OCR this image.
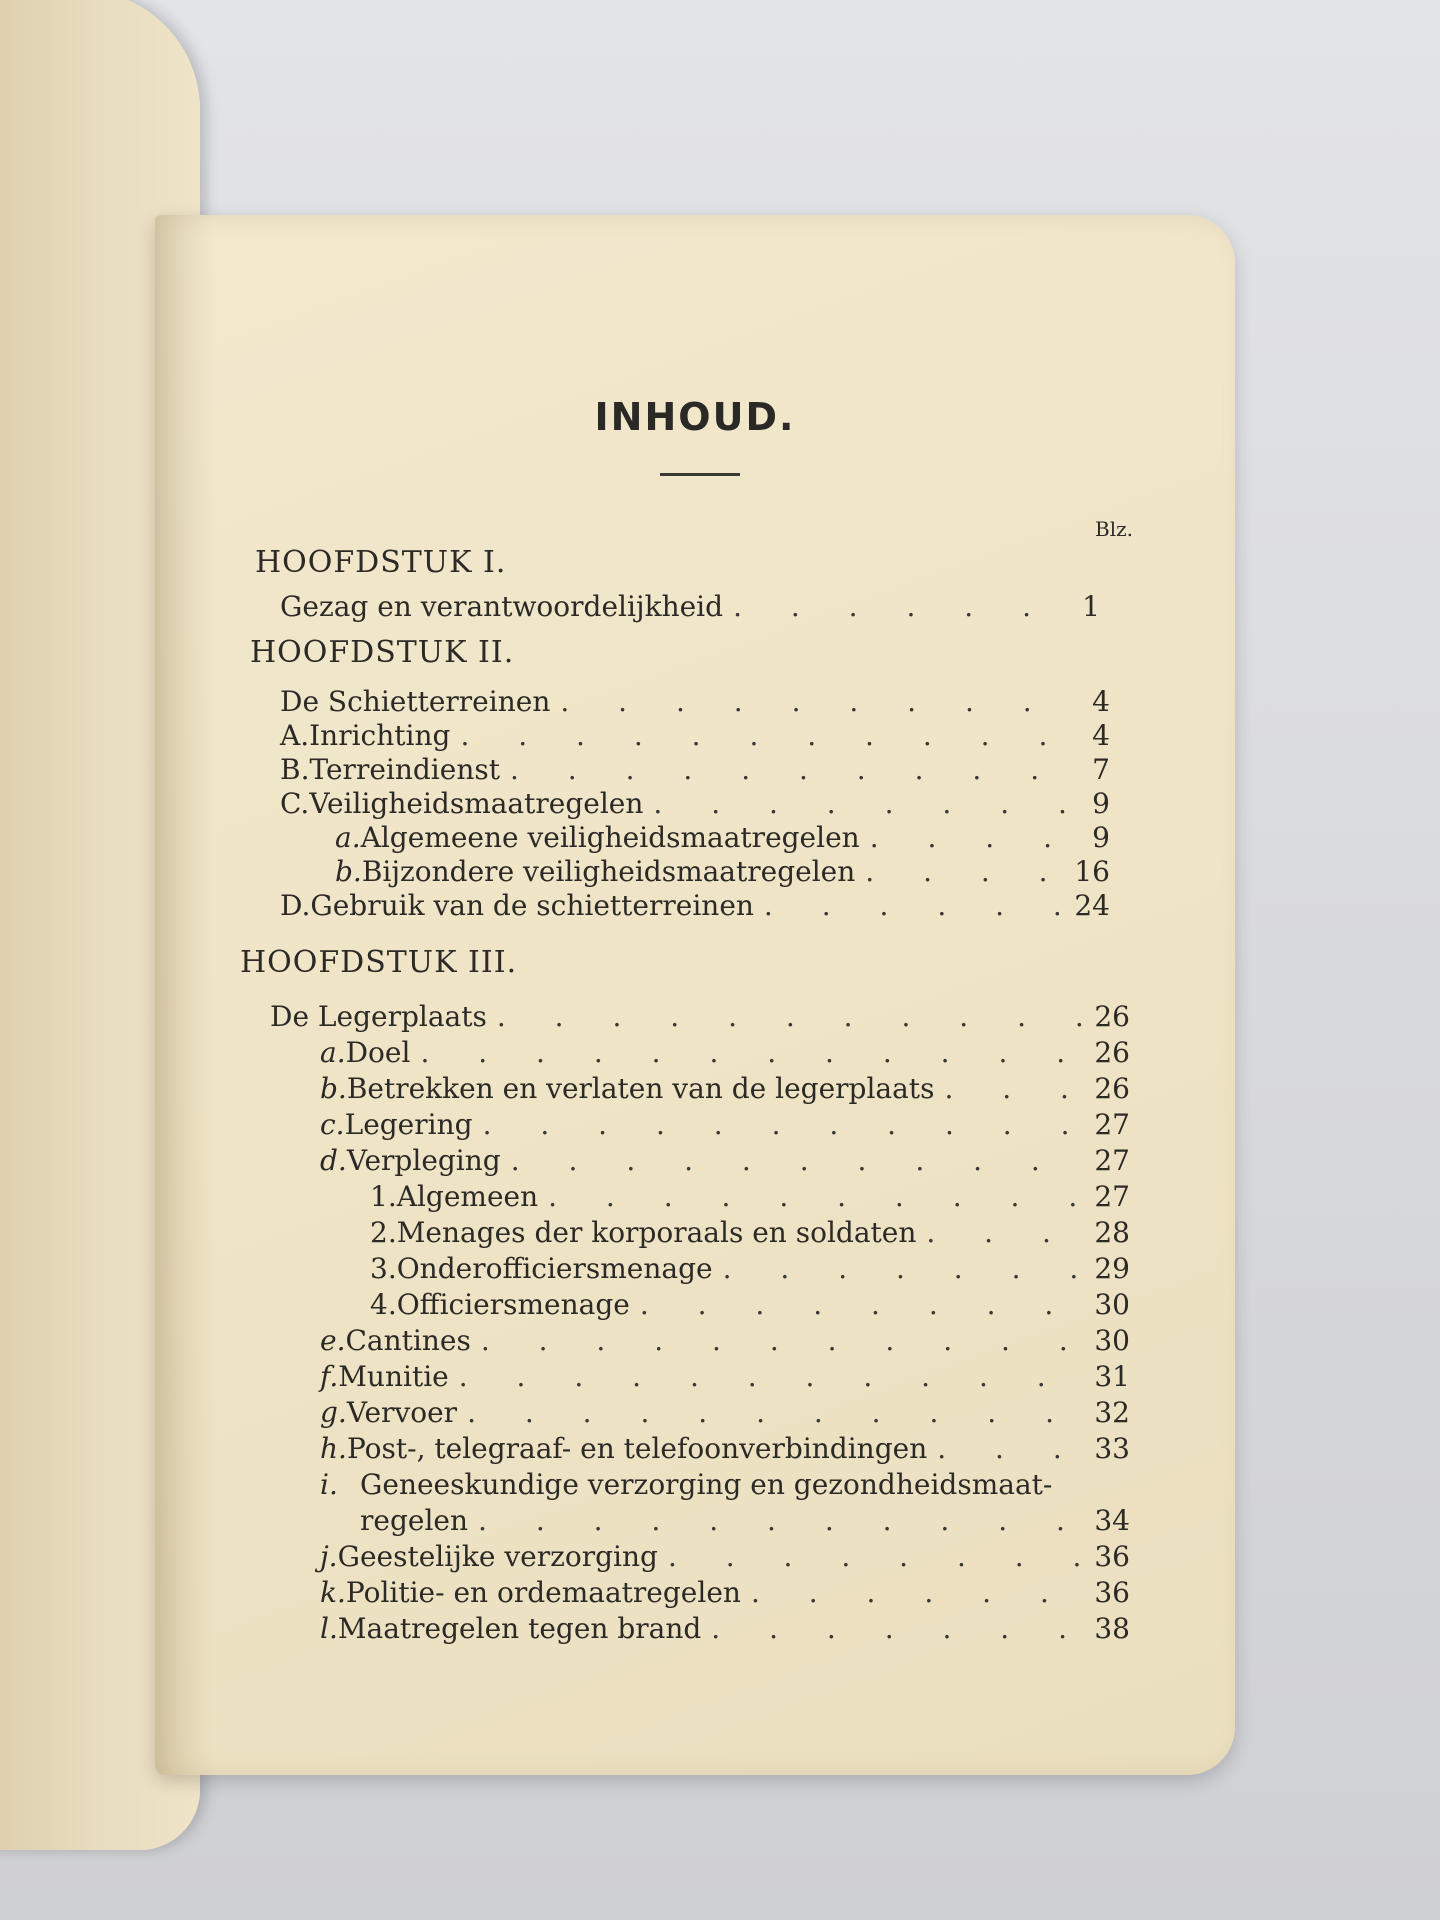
INHOUD.
Blz.
HOOFDSTUK I.
Gezag en verantwoordelijkheid . . .	1
HOOFDSTUK II.
De Schietterreinen . . .	4
A. Inrichting . . .	4
B. Terreindienst . . .	7
C. Veiligheidsmaatregelen . . .	9
a. Algemeene veiligheidsmaatregelen . . .	9
b. Bijzondere veiligheidsmaatregelen . . .	16
D. Gebruik van de schietterreinen . . .	24
HOOFDSTUK III.
De Legerplaats . . .	26
a. Doel . . .	26
b. Betrekken en verlaten van de legerplaats . . .	26
c. Legering . . .	27
d. Verpleging . . .	27
1. Algemeen . . .	27
2. Menages der korporaals en soldaten . . .	28
3. Onderofficiersmenage . . .	29
4. Officiersmenage . . .	30
e. Cantines . . .	30
f. Munitie . . .	31
g. Vervoer . . .	32
h. Post-, telegraaf- en telefoonverbindingen . . .	33
i. Geneeskundige verzorging en gezondheidsmaat-
regelen . . .	34
j. Geestelijke verzorging . . .	36
k. Politie- en ordemaatregelen . . .	36
l. Maatregelen tegen brand . . .	38
